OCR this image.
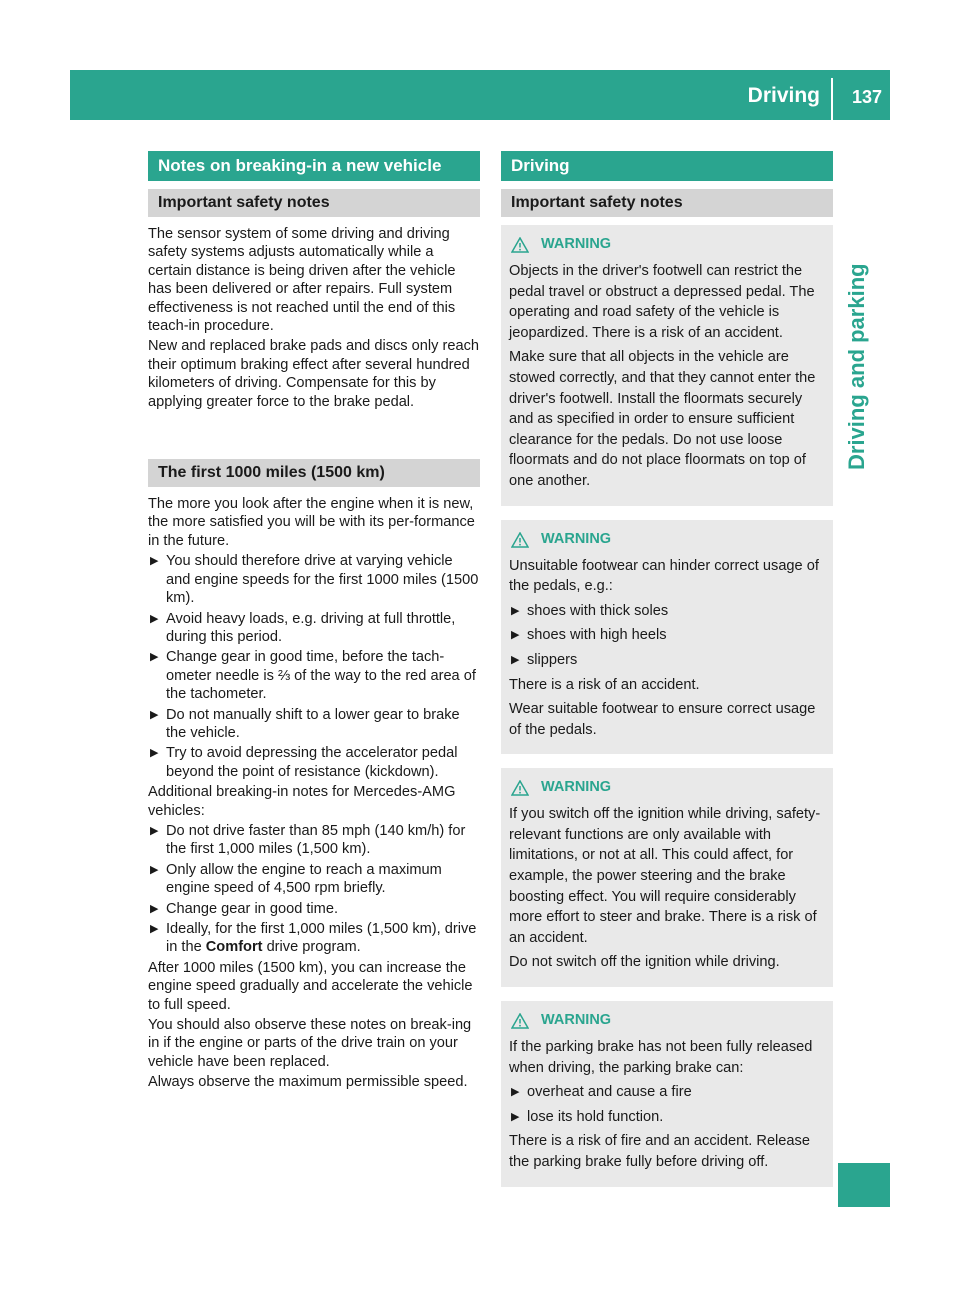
Driving 137
Driving and parking
Notes on breaking-in a new vehicle
Important safety notes

The sensor system of some driving and driving safety systems adjusts automatically while a certain distance is being driven after the vehicle has been delivered or after repairs. Full system effectiveness is not reached until the end of this teach-in procedure.

New and replaced brake pads and discs only reach their optimum braking effect after several hundred kilometers of driving. Compensate for this by applying greater force to the brake pedal.

The first 1000 miles (1500 km)

The more you look after the engine when it is new, the more satisfied you will be with its per-formance in the future.

▶ You should therefore drive at varying vehicle and engine speeds for the first 1000 miles (1500 km).
▶ Avoid heavy loads, e.g. driving at full throttle, during this period.
▶ Change gear in good time, before the tach-ometer needle is ⅔ of the way to the red area of the tachometer.
▶ Do not manually shift to a lower gear to brake the vehicle.
▶ Try to avoid depressing the accelerator pedal beyond the point of resistance (kickdown).

Additional breaking-in notes for Mercedes-AMG vehicles:

▶ Do not drive faster than 85 mph (140 km/h) for the first 1,000 miles (1,500 km).
▶ Only allow the engine to reach a maximum engine speed of 4,500 rpm briefly.
▶ Change gear in good time.
▶ Ideally, for the first 1,000 miles (1,500 km), drive in the Comfort drive program.

After 1000 miles (1500 km), you can increase the engine speed gradually and accelerate the vehicle to full speed.

You should also observe these notes on break-ing in if the engine or parts of the drive train on your vehicle have been replaced.

Always observe the maximum permissible speed.

Driving
Important safety notes
WARNING

Objects in the driver's footwell can restrict the pedal travel or obstruct a depressed pedal. The operating and road safety of the vehicle is jeopardized. There is a risk of an accident.

Make sure that all objects in the vehicle are stowed correctly, and that they cannot enter the driver's footwell. Install the floormats securely and as specified in order to ensure sufficient clearance for the pedals. Do not use loose floormats and do not place floormats on top of one another.

WARNING

Unsuitable footwear can hinder correct usage of the pedals, e.g.:

▶ shoes with thick soles
▶ shoes with high heels
▶ slippers

There is a risk of an accident.

Wear suitable footwear to ensure correct usage of the pedals.

WARNING

If you switch off the ignition while driving, safety-relevant functions are only available with limitations, or not at all. This could affect, for example, the power steering and the brake boosting effect. You will require considerably more effort to steer and brake. There is a risk of an accident.

Do not switch off the ignition while driving.

WARNING

If the parking brake has not been fully released when driving, the parking brake can:

▶ overheat and cause a fire
▶ lose its hold function.

There is a risk of fire and an accident. Release the parking brake fully before driving off.
